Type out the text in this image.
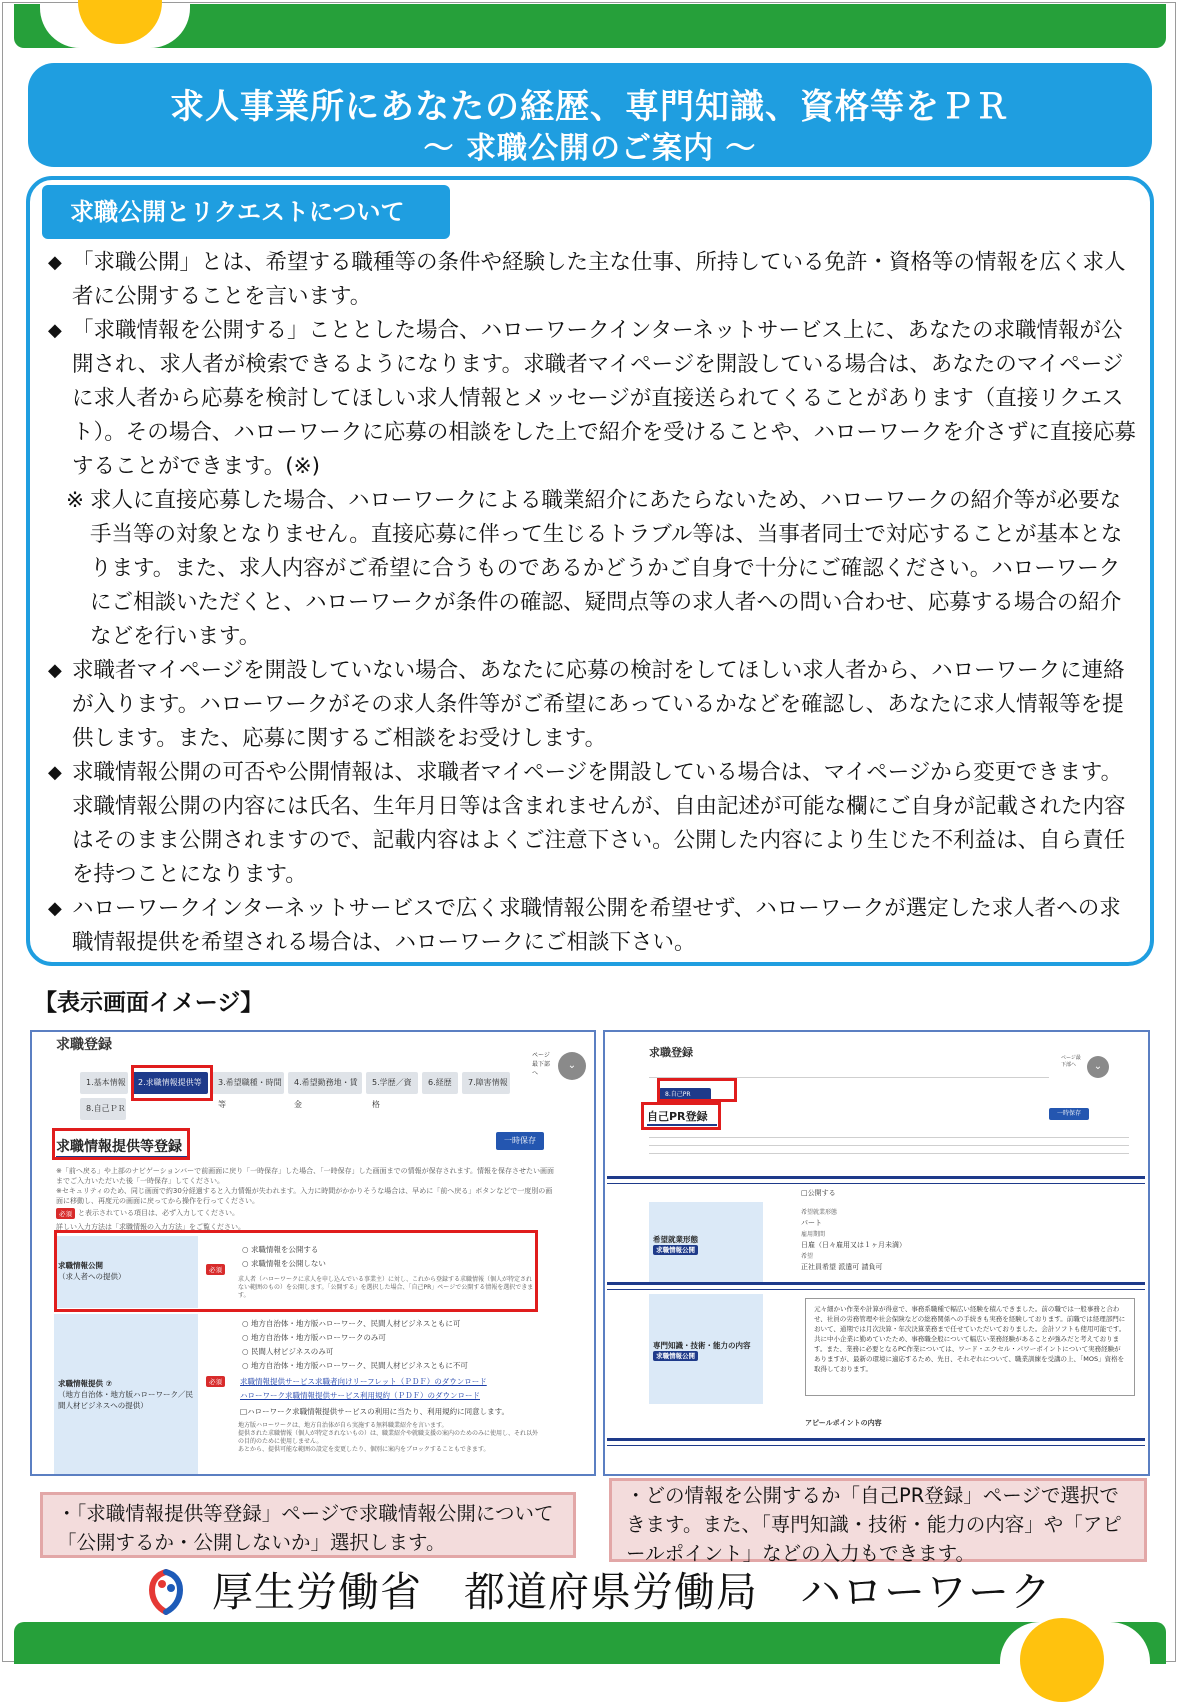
求人事業所にあなたの経歴、専門知識、資格等をＰＲ
～ 求職公開のご案内 ～
求職公開とリクエストについて

◆ 「求職公開」とは、希望する職種等の条件や経験した主な仕事、所持している免許・資格等の情報を広く求人者に公開することを言います。

◆ 「求職情報を公開する」こととした場合、ハローワークインターネットサービス上に、あなたの求職情報が公開され、求人者が検索できるようになります。求職者マイページを開設している場合は、あなたのマイページに求人者から応募を検討してほしい求人情報とメッセージが直接送られてくることがあります（直接リクエスト）。その場合、ハローワークに応募の相談をした上で紹介を受けることや、ハローワークを介さずに直接応募することができます。(※)

※ 求人に直接応募した場合、ハローワークによる職業紹介にあたらないため、ハローワークの紹介等が必要な手当等の対象となりません。直接応募に伴って生じるトラブル等は、当事者同士で対応することが基本となります。また、求人内容がご希望に合うものであるかどうかご自身で十分にご確認ください。ハローワークにご相談いただくと、ハローワークが条件の確認、疑問点等の求人者への問い合わせ、応募する場合の紹介などを行います。

◆ 求職者マイページを開設していない場合、あなたに応募の検討をしてほしい求人者から、ハローワークに連絡が入ります。ハローワークがその求人条件等がご希望にあっているかなどを確認し、あなたに求人情報等を提供します。また、応募に関するご相談をお受けします。

◆ 求職情報公開の可否や公開情報は、求職者マイページを開設している場合は、マイページから変更できます。求職情報公開の内容には氏名、生年月日等は含まれませんが、自由記述が可能な欄にご自身が記載された内容はそのまま公開されますので、記載内容はよくご注意下さい。公開した内容により生じた不利益は、自ら責任を持つことになります。

◆ ハローワークインターネットサービスで広く求職情報公開を希望せず、ハローワークが選定した求人者への求職情報提供を希望される場合は、ハローワークにご相談下さい。

【表示画面イメージ】
求職登録
⌄
ページ最下部へ
1.基本情報	2.求職情報提供等	3.希望職種・時間等
4.希望勤務地・賃金
5.学歴／資格
6.経歴	7.障害情報
8.自己ＰＲ
求職情報提供等登録	一時保存
※「前へ戻る」や上部のナビゲーションバーで前画面に戻り「一時保存」した場合、「一時保存」した画面までの情報が保存されます。情報を保存させたい画面までご入力いただいた後「一時保存」してください。
※セキュリティのため、同じ画面で約30分経過すると入力情報が失われます。入力に時間がかかりそうな場合は、早めに「前へ戻る」ボタンなどで一度別の画面に移動し、再度元の画面に戻ってから操作を行ってください。
必須 と表示されている項目は、必ず入力してください。
詳しい入力方法は「求職情報の入力方法」をご覧ください。
求職情報公開
（求人者への提供）
必須
○ 求職情報を公開する
○ 求職情報を公開しない
求人者（ハローワークに求人を申し込んでいる事業主）に対し、これから登録する求職情報（個人が特定されない範囲のもの）を公開します。「公開する」を選択した場合、「自己PR」ページで公開する情報を選択できます。
求職情報提供 ⑦
（地方自治体・地方版ハローワーク／民間人材ビジネスへの提供）
必須
○ 地方自治体・地方版ハローワーク、民間人材ビジネスともに可
○ 地方自治体・地方版ハローワークのみ可
○ 民間人材ビジネスのみ可
○ 地方自治体・地方版ハローワーク、民間人材ビジネスともに不可
求職情報提供サービス求職者向けリーフレット（ＰＤＦ）のダウンロード
ハローワーク求職情報提供サービス利用規約（ＰＤＦ）のダウンロード
□ハローワーク求職情報提供サービスの利用に当たり、利用規約に同意します。
地方版ハローワークは、地方自治体が自ら実施する無料職業紹介を言います。
提供された求職情報（個人が特定されないもの）は、職業紹介や就職支援の案内のためのみに使用し、それ以外の目的のために使用しません。
あとから、提供可能な範囲の設定を変更したり、個別に案内をブロックすることもできます。
求職登録
⌄
ページ最下部へ
8.自己PR
自己PR登録	一時保存
□公開する
希望就業形態
求職情報公開
希望就業形態
パート
雇用期間
日雇（日々雇用又は１ヶ月未満）
希望
正社員希望 派遣可 請負可
専門知識・技術・能力の内容
求職情報公開
元々細かい作業や計算が得意で、事務系職種で幅広い経験を積んできました。前の職では一般事務と合わせ、社員の労務管理や社会保険などの総務関係への手続きも実務を経験しております。前職では経理部門において、通期では月次決算・年次決算業務まで任せていただいておりました。会計ソフトも使用可能です。共に中小企業に勤めていたため、事務職全般について幅広い業務経験があることが強みだと考えております。また、業務に必要となるPC作業については、ワード・エクセル・パワーポイントについて実務経験がありますが、最新の環境に適応するため、先日、それぞれについて、職業訓練を受講の上、「MOS」資格を取得しております。
アピールポイントの内容
・「求職情報提供等登録」ページで求職情報公開について「公開するか・公開しないか」選択します。
・どの情報を公開するか「自己PR登録」ページで選択できます。また、「専門知識・技術・能力の内容」や「アピールポイント」などの入力もできます。
厚生労働省　都道府県労働局　ハローワーク
